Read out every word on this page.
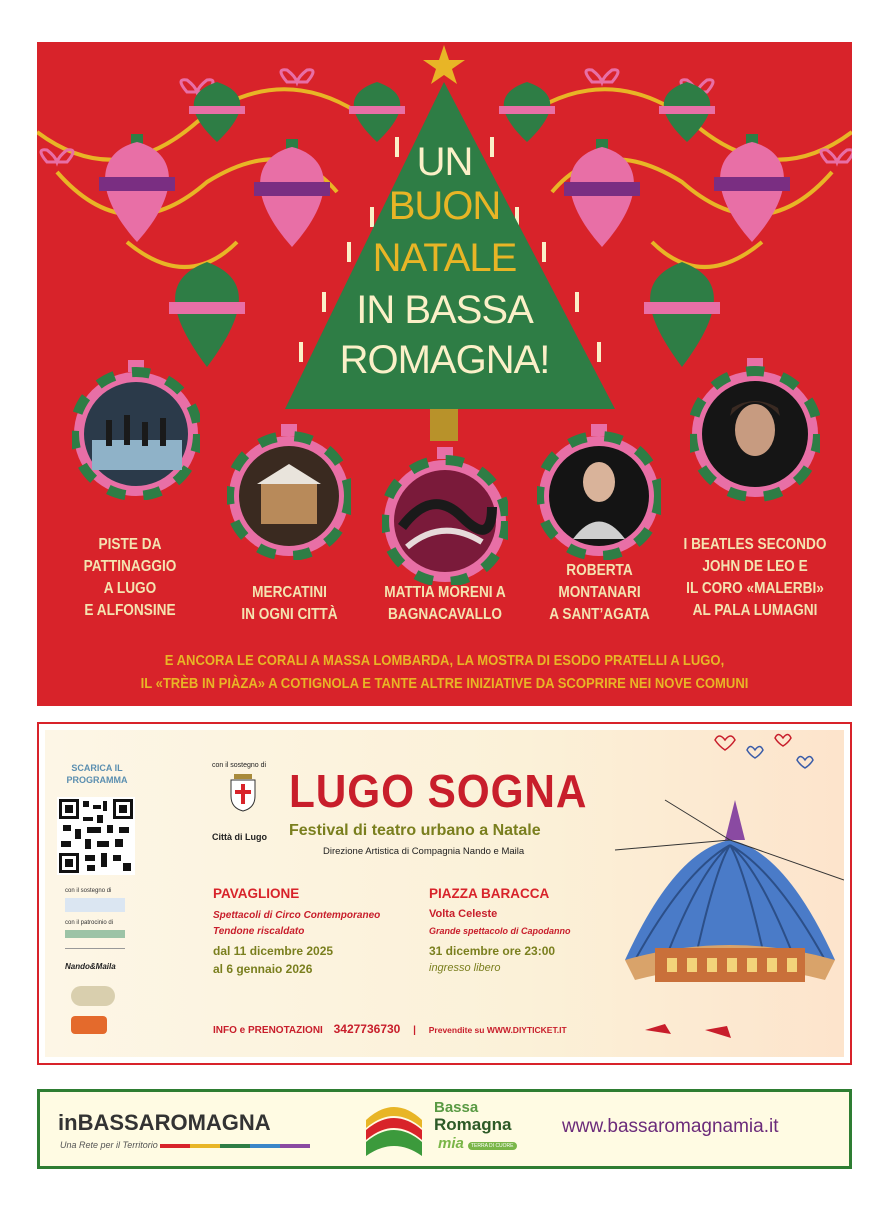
UN
BUON
NATALE
IN BASSA
ROMAGNA!
PISTE DA
PATTINAGGIO
A LUGO
E ALFONSINE
MERCATINI
IN OGNI CITTÀ
MATTIA MORENI A
BAGNACAVALLO
ROBERTA
MONTANARI
A SANT’AGATA
I BEATLES SECONDO
JOHN DE LEO E
IL CORO «MALERBI»
AL PALA LUMAGNI
E ANCORA LE CORALI A MASSA LOMBARDA, LA MOSTRA DI ESODO PRATELLI A LUGO,
IL «TRÈB IN PIÀZA» A COTIGNOLA E TANTE ALTRE INIZIATIVE DA SCOPRIRE NEI NOVE COMUNI
SCARICA IL
PROGRAMMA
con il sostegno di
con il patrocinio di
Nando&Maila
con il sostegno di
Città di Lugo
LUGO SOGNA
Festival di teatro urbano a Natale
Direzione Artistica di Compagnia Nando e Maila
PAVAGLIONE
Spettacoli di Circo Contemporaneo
Tendone riscaldato
dal 11 dicembre 2025
al 6 gennaio 2026
PIAZZA BARACCA
Volta Celeste
Grande spettacolo di Capodanno
31 dicembre ore 23:00
ingresso libero
INFO e PRENOTAZIONI 3427736730 | Prevendite su WWW.DIYTICKET.IT
inBASSAROMAGNA
Una Rete per il Territorio
Bassa
Romagna
mia	TERRA DI CUORE
www.bassaromagnamia.it
